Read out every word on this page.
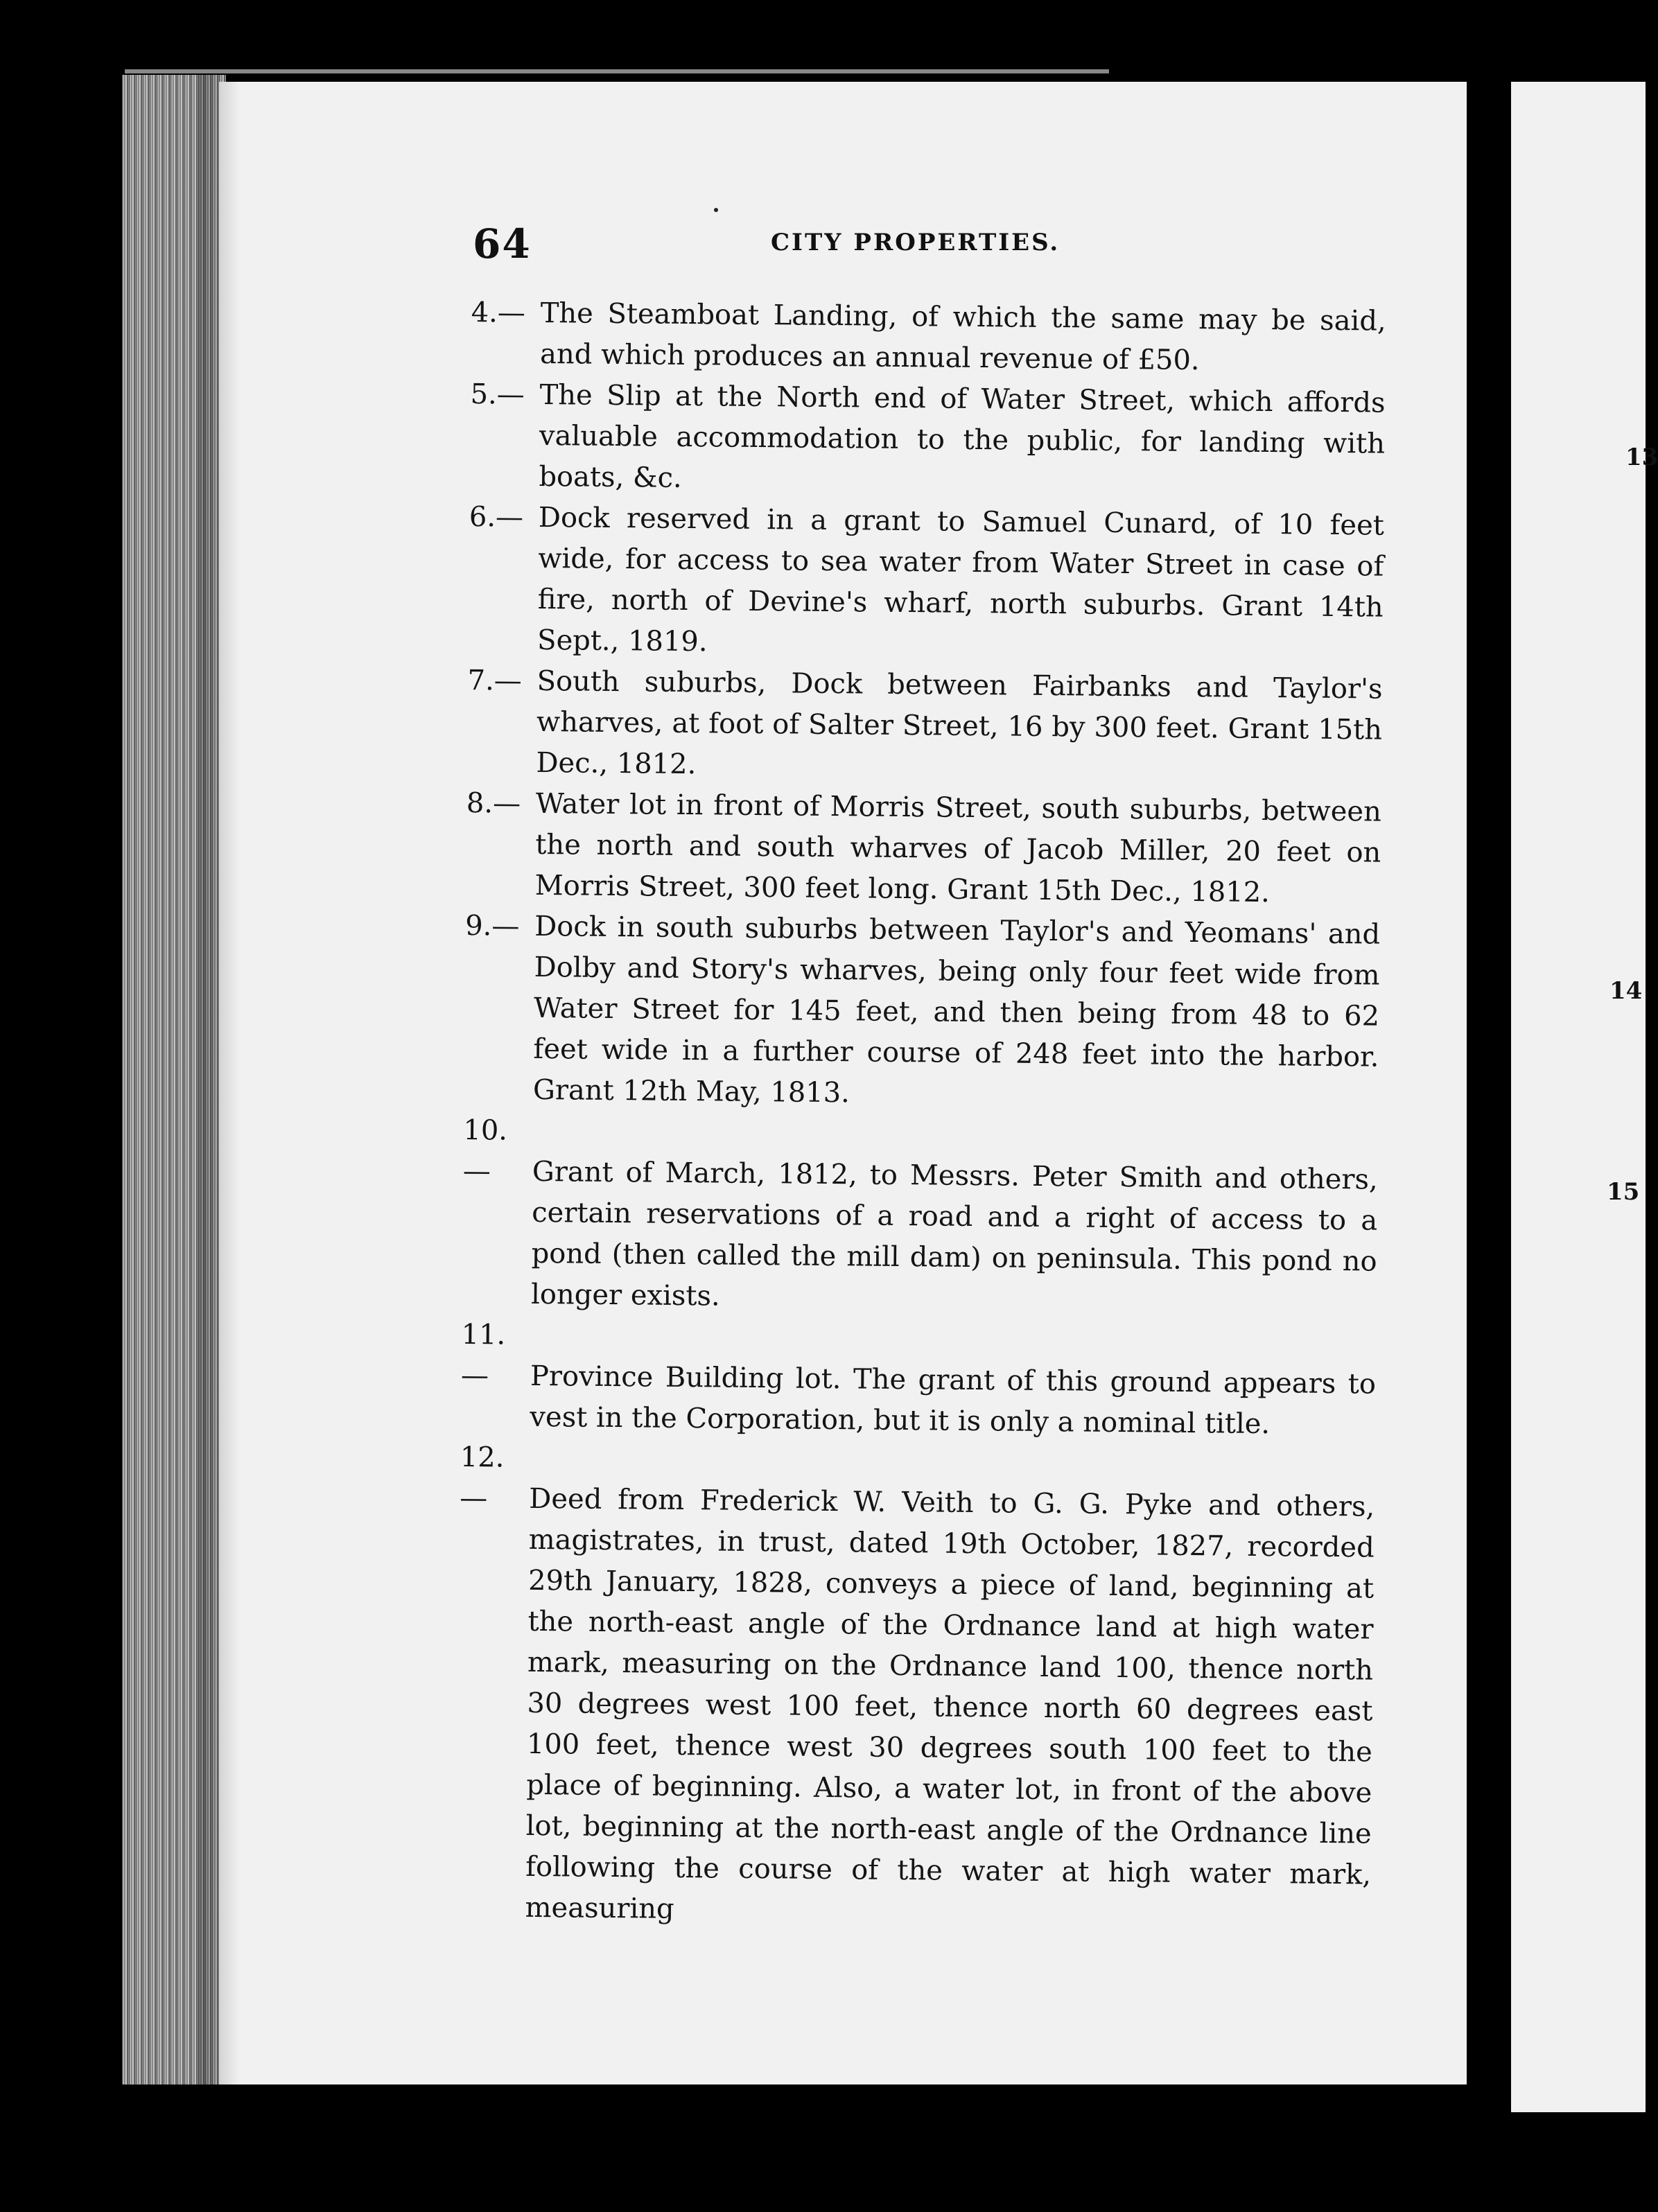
13
14
15
64	CITY PROPERTIES.

4.— The Steamboat Landing, of which the same may be said, and which produces an annual revenue of £50.

5.— The Slip at the North end of Water Street, which affords valuable accommodation to the public, for landing with boats, &c.

6.— Dock reserved in a grant to Samuel Cunard, of 10 feet wide, for access to sea water from Water Street in case of fire, north of Devine's wharf, north suburbs. Grant 14th Sept., 1819.

7.— South suburbs, Dock between Fairbanks and Taylor's wharves, at foot of Salter Street, 16 by 300 feet. Grant 15th Dec., 1812.

8.— Water lot in front of Morris Street, south suburbs, between the north and south wharves of Jacob Miller, 20 feet on Morris Street, 300 feet long. Grant 15th Dec., 1812.

9.— Dock in south suburbs between Taylor's and Yeomans' and Dolby and Story's wharves, being only four feet wide from Water Street for 145 feet, and then being from 48 to 62 feet wide in a further course of 248 feet into the harbor. Grant 12th May, 1813.

10.— Grant of March, 1812, to Messrs. Peter Smith and others, certain reservations of a road and a right of access to a pond (then called the mill dam) on peninsula. This pond no longer exists.

11.— Province Building lot. The grant of this ground appears to vest in the Corporation, but it is only a nominal title.

12.— Deed from Frederick W. Veith to G. G. Pyke and others, magistrates, in trust, dated 19th October, 1827, recorded 29th January, 1828, conveys a piece of land, beginning at the north-east angle of the Ordnance land at high water mark, measuring on the Ordnance land 100, thence north 30 degrees west 100 feet, thence north 60 degrees east 100 feet, thence west 30 degrees south 100 feet to the place of beginning. Also, a water lot, in front of the above lot, beginning at the north-east angle of the Ordnance line following the course of the water at high water mark, measuring
